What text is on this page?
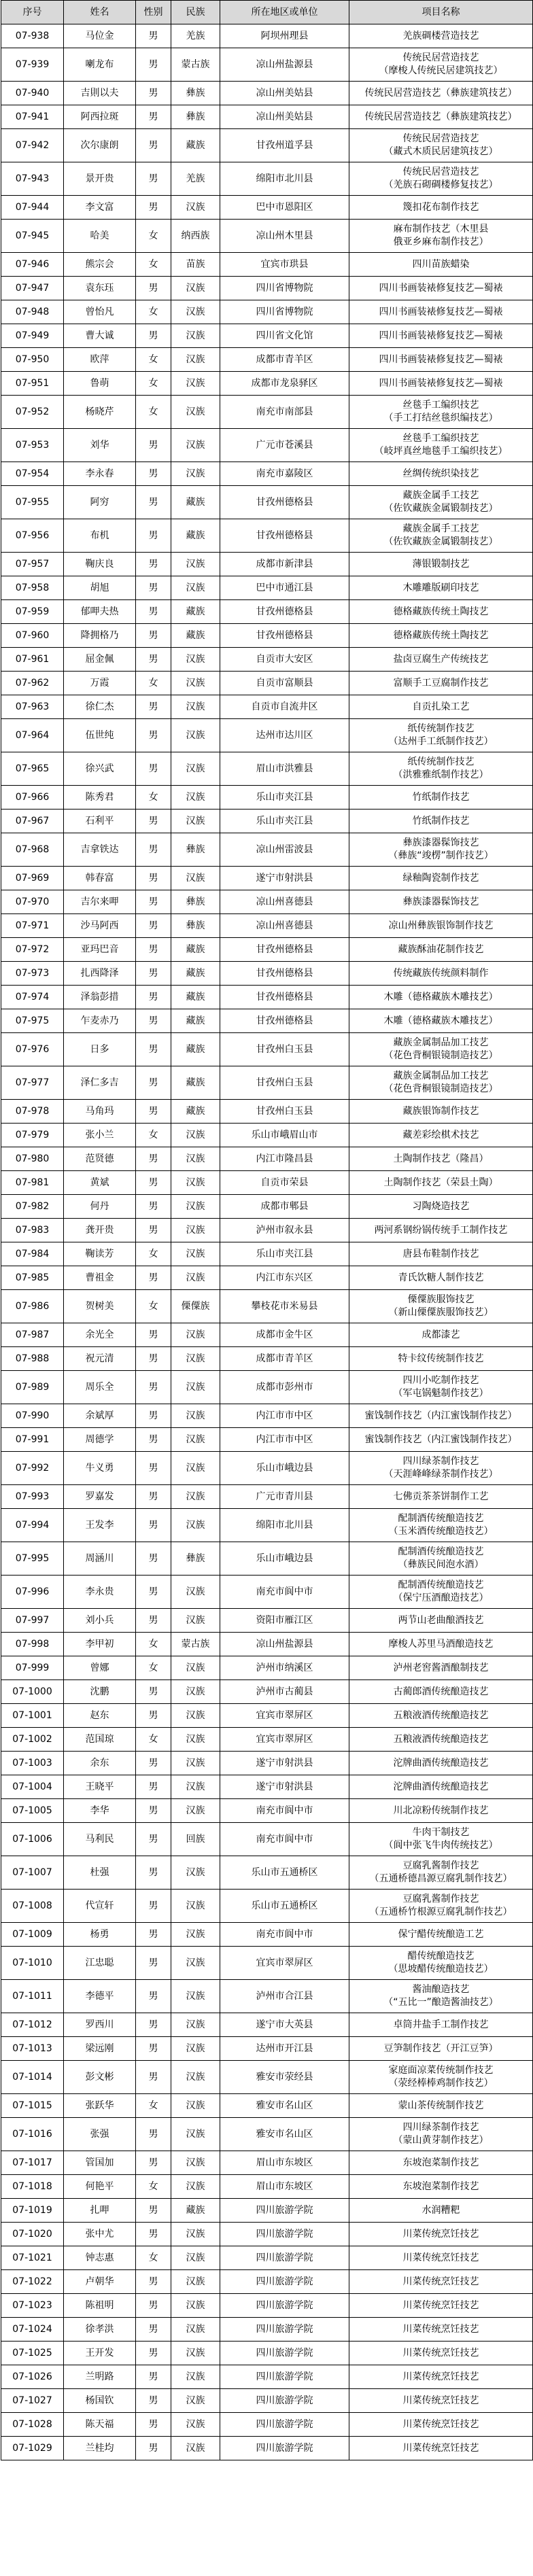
序号	姓名	性别	民族	所在地区或单位	项目名称
07-938	马位金	男	羌族	阿坝州理县	羌族碉楼营造技艺
07-939	喇龙布	男	蒙古族	凉山州盐源县	传统民居营造技艺
（摩梭人传统民居建筑技艺）
07-940	吉則以夫	男	彝族	凉山州美姑县	传统民居营造技艺（彝族建筑技艺）
07-941	阿西拉斑	男	彝族	凉山州美姑县	传统民居营造技艺（彝族建筑技艺）
07-942	次尔康朗	男	藏族	甘孜州道孚县	传统民居营造技艺
（藏式木质民居建筑技艺）
07-943	景开贵	男	羌族	绵阳市北川县	传统民居营造技艺
（羌族石砌碉楼修复技艺）
07-944	李文富	男	汉族	巴中市恩阳区	篾扣花布制作技艺
07-945	哈美	女	纳西族	凉山州木里县	麻布制作技艺（木里县
俄亚乡麻布制作技艺）
07-946	熊宗会	女	苗族	宜宾市珙县	四川苗族蜡染
07-947	袁东珏	男	汉族	四川省博物院	四川书画装裱修复技艺—蜀裱
07-948	曾怡凡	女	汉族	四川省博物院	四川书画装裱修复技艺—蜀裱
07-949	曹大诚	男	汉族	四川省文化馆	四川书画装裱修复技艺—蜀裱
07-950	欧萍	女	汉族	成都市青羊区	四川书画装裱修复技艺—蜀裱
07-951	鲁萌	女	汉族	成都市龙泉驿区	四川书画装裱修复技艺—蜀裱
07-952	杨晓芹	女	汉族	南充市南部县	丝毯手工编织技艺
（手工打结丝毯织编技艺）
07-953	刘华	男	汉族	广元市苍溪县	丝毯手工编织技艺
（岐坪真丝地毯手工编织技艺）
07-954	李永春	男	汉族	南充市嘉陵区	丝绸传统织染技艺
07-955	阿穷	男	藏族	甘孜州德格县	藏族金属手工技艺
（佐钦藏族金属锻制技艺）
07-956	布机	男	藏族	甘孜州德格县	藏族金属手工技艺
（佐钦藏族金属锻制技艺）
07-957	鞠庆良	男	汉族	成都市新津县	薄银锻制技艺
07-958	胡旭	男	汉族	巴中市通江县	木雕雕版刷印技艺
07-959	郁呷夫热	男	藏族	甘孜州德格县	德格藏族传统土陶技艺
07-960	降拥格乃	男	藏族	甘孜州德格县	德格藏族传统土陶技艺
07-961	屈金佩	男	汉族	自贡市大安区	盐卤豆腐生产传统技艺
07-962	万霞	女	汉族	自贡市富顺县	富顺手工豆腐制作技艺
07-963	徐仁杰	男	汉族	自贡市自流井区	自贡扎染工艺
07-964	伍世纯	男	汉族	达州市达川区	纸传统制作技艺
（达州手工纸制作技艺）
07-965	徐兴武	男	汉族	眉山市洪雅县	纸传统制作技艺
（洪雅雅纸制作技艺）
07-966	陈秀君	女	汉族	乐山市夹江县	竹纸制作技艺
07-967	石利平	男	汉族	乐山市夹江县	竹纸制作技艺
07-968	吉拿铁达	男	彝族	凉山州雷波县	彝族漆器髹饰技艺
（彝族“竣楞”制作技艺）
07-969	韩春富	男	汉族	遂宁市射洪县	绿釉陶瓷制作技艺
07-970	吉尔来呷	男	彝族	凉山州喜德县	彝族漆器髹饰技艺
07-971	沙马阿西	男	彝族	凉山州喜德县	凉山州彝族银饰制作技艺
07-972	亚玛巴音	男	藏族	甘孜州德格县	藏族酥油花制作技艺
07-973	扎西降泽	男	藏族	甘孜州德格县	传统藏族传统颜料制作
07-974	泽翁彭措	男	藏族	甘孜州德格县	木雕（德格藏族木雕技艺）
07-975	乍麦赤乃	男	藏族	甘孜州德格县	木雕（德格藏族木雕技艺）
07-976	日多	男	藏族	甘孜州白玉县	藏族金属制品加工技艺
（花色背桐银镜制造技艺）
07-977	泽仁多吉	男	藏族	甘孜州白玉县	藏族金属制品加工技艺
（花色背桐银镜制造技艺）
07-978	马角玛	男	藏族	甘孜州白玉县	藏族银饰制作技艺
07-979	张小兰	女	汉族	乐山市峨眉山市	藏差彩绘棋术技艺
07-980	范贤德	男	汉族	内江市隆昌县	土陶制作技艺（隆昌）
07-981	黄斌	男	汉族	自贡市荣县	土陶制作技艺（荣县土陶）
07-982	何丹	男	汉族	成都市郫县	习陶烧造技艺
07-983	龚开贵	男	汉族	泸州市叙永县	两河系钢纷锅传统手工制作技艺
07-984	鞠读芳	女	汉族	乐山市夹江县	唐县布鞋制作技艺
07-985	曹祖金	男	汉族	内江市东兴区	青氏饮糖人制作技艺
07-986	贺树美	女	傈僳族	攀枝花市米易县	傈僳族服饰技艺
（新山傈僳族服饰技艺）
07-987	余光全	男	汉族	成都市金牛区	成都漆艺
07-988	祝元清	男	汉族	成都市青羊区	特卡纹传统制作技艺
07-989	周乐全	男	汉族	成都市彭州市	四川小吃制作技艺
（军屯锅魁制作技艺）
07-990	余斌厚	男	汉族	内江市市中区	蜜饯制作技艺（内江蜜饯制作技艺）
07-991	周德学	男	汉族	内江市市中区	蜜饯制作技艺（内江蜜饯制作技艺）
07-992	牛义勇	男	汉族	乐山市峨边县	四川绿茶制作技艺
（天涯峰峰绿茶制作技艺）
07-993	罗嘉发	男	汉族	广元市青川县	七佛贡茶茶饼制作工艺
07-994	王发李	男	汉族	绵阳市北川县	配制酒传统酿造技艺
（玉米酒传统酿造技艺）
07-995	周涵川	男	彝族	乐山市峨边县	配制酒传统酿造技艺
（彝族民间泡水酒）
07-996	李永贵	男	汉族	南充市阆中市	配制酒传统酿造技艺
（保宁压酒酿造技艺）
07-997	刘小兵	男	汉族	资阳市雁江区	两节山老曲酿酒技艺
07-998	李甲初	女	蒙古族	凉山州盐源县	摩梭人苏里马酒酿造技艺
07-999	曾娜	女	汉族	泸州市纳溪区	泸州老窖酱酒酿制技艺
07-1000	沈鹏	男	汉族	泸州市古蔺县	古蔺郎酒传统酿造技艺
07-1001	赵东	男	汉族	宜宾市翠屏区	五粮液酒传统酿造技艺
07-1002	范国琼	女	汉族	宜宾市翠屏区	五粮液酒传统酿造技艺
07-1003	余东	男	汉族	遂宁市射洪县	沱牌曲酒传统酿造技艺
07-1004	王晓平	男	汉族	遂宁市射洪县	沱牌曲酒传统酿造技艺
07-1005	李华	男	汉族	南充市阆中市	川北凉粉传统制作技艺
07-1006	马利民	男	回族	南充市阆中市	牛肉干制技艺
（阆中张飞牛肉传统技艺）
07-1007	杜强	男	汉族	乐山市五通桥区	豆腐乳酱制作技艺
（五通桥德昌源豆腐乳制作技艺）
07-1008	代宣轩	男	汉族	乐山市五通桥区	豆腐乳酱制作技艺
（五通桥竹根源豆腐乳制作技艺）
07-1009	杨勇	男	汉族	南充市阆中市	保宁醋传统酿造工艺
07-1010	江忠聪	男	汉族	宜宾市翠屏区	醋传统酿造技艺
（思坡醋传统酿造技艺）
07-1011	李德平	男	汉族	泸州市合江县	酱油酿造技艺
（“五比一”酿造酱油技艺）
07-1012	罗西川	男	汉族	遂宁市大英县	卓筒井盐手工制作技艺
07-1013	梁远刚	男	汉族	达州市开江县	豆笋制作技艺（开江豆笋）
07-1014	彭文彬	男	汉族	雅安市荥经县	家庭面凉菜传统制作技艺
（荥经棒棒鸡制作技艺）
07-1015	张跃华	女	汉族	雅安市名山区	蒙山茶传统制作技艺
07-1016	张强	男	汉族	雅安市名山区	四川绿茶制作技艺
（蒙山黄芽制作技艺）
07-1017	管国加	男	汉族	眉山市东坡区	东坡泡菜制作技艺
07-1018	何艳平	女	汉族	眉山市东坡区	东坡泡菜制作技艺
07-1019	扎呷	男	藏族	四川旅游学院	水润糟粑
07-1020	张中尤	男	汉族	四川旅游学院	川菜传统烹饪技艺
07-1021	钟志惠	女	汉族	四川旅游学院	川菜传统烹饪技艺
07-1022	卢朝华	男	汉族	四川旅游学院	川菜传统烹饪技艺
07-1023	陈祖明	男	汉族	四川旅游学院	川菜传统烹饪技艺
07-1024	徐孝洪	男	汉族	四川旅游学院	川菜传统烹饪技艺
07-1025	王开发	男	汉族	四川旅游学院	川菜传统烹饪技艺
07-1026	兰明路	男	汉族	四川旅游学院	川菜传统烹饪技艺
07-1027	杨国钦	男	汉族	四川旅游学院	川菜传统烹饪技艺
07-1028	陈天福	男	汉族	四川旅游学院	川菜传统烹饪技艺
07-1029	兰桂均	男	汉族	四川旅游学院	川菜传统烹饪技艺
